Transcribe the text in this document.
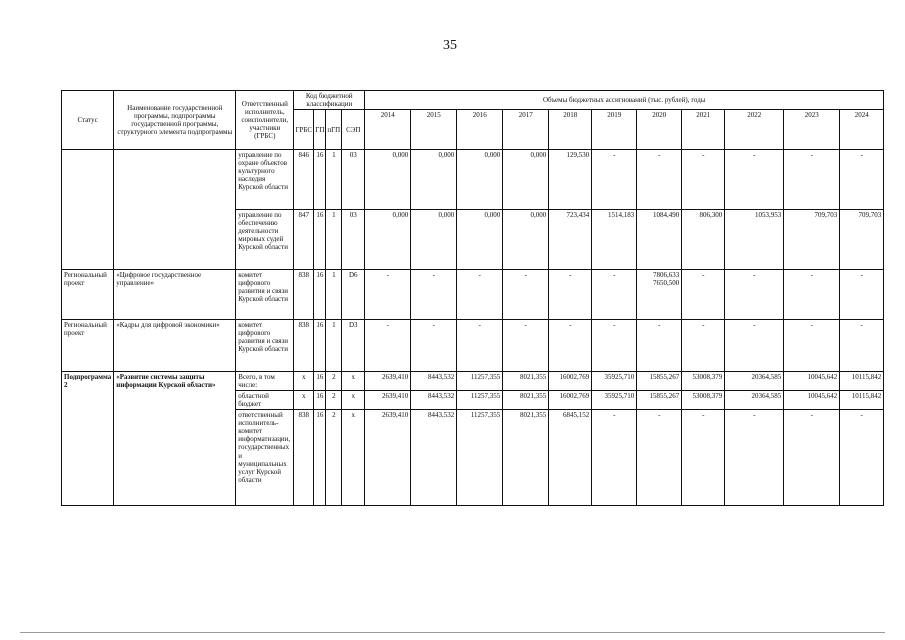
35
Статус	Наименование государственной программы, подпрограммы государственной программы, структурного элемента подпрограммы	Ответственный исполнитель, соисполнители, участники (ГРБС)	Код бюджетной классификации				Объемы бюджетных ассигнований (тыс. рублей), годы										
			ГРБС	ГП	пГП	СЭП	2014	2015	2016	2017	2018	2019	2020	2021	2022	2023	2024
		управление по охране объектов культурного наследия Курской области	846	16	1	03	0,000	0,000	0,000	0,000	129,530	-	-	-	-	-	-
		управление по обеспечению деятельности мировых судей Курской области	847	16	1	03	0,000	0,000	0,000	0,000	723,434	1514,183	1084,490	806,300	1053,953	709,703	709,703
Региональный проект	«Цифровое государственное управление»	комитет цифрового развития и связи Курской области	838	16	1	D6	-	-	-	-	-	-	7806,633 7650,500	-	-	-	-
Региональный проект	«Кадры для цифровой экономики»	комитет цифрового развития и связи Курской области	838	16	1	D3	-	-	-	-	-	-	-	-	-	-	-
Подпрограмма 2	«Развитие системы защиты информации Курской области»	Всего, в том числе:	x	16	2	x	2639,410	8443,532	11257,355	8021,355	16002,769	35925,710	15855,267	53008,379	20364,585	10045,642	10115,842
		областной бюджет	x	16	2	x	2639,410	8443,532	11257,355	8021,355	16002,769	35925,710	15855,267	53008,379	20364,585	10045,642	10115,842
		ответственный исполнитель-комитет информатизации, государственных и муниципальных услуг Курской области	838	16	2	x	2639,410	8443,532	11257,355	8021,355	6845,152	-	-	-	-	-	-
